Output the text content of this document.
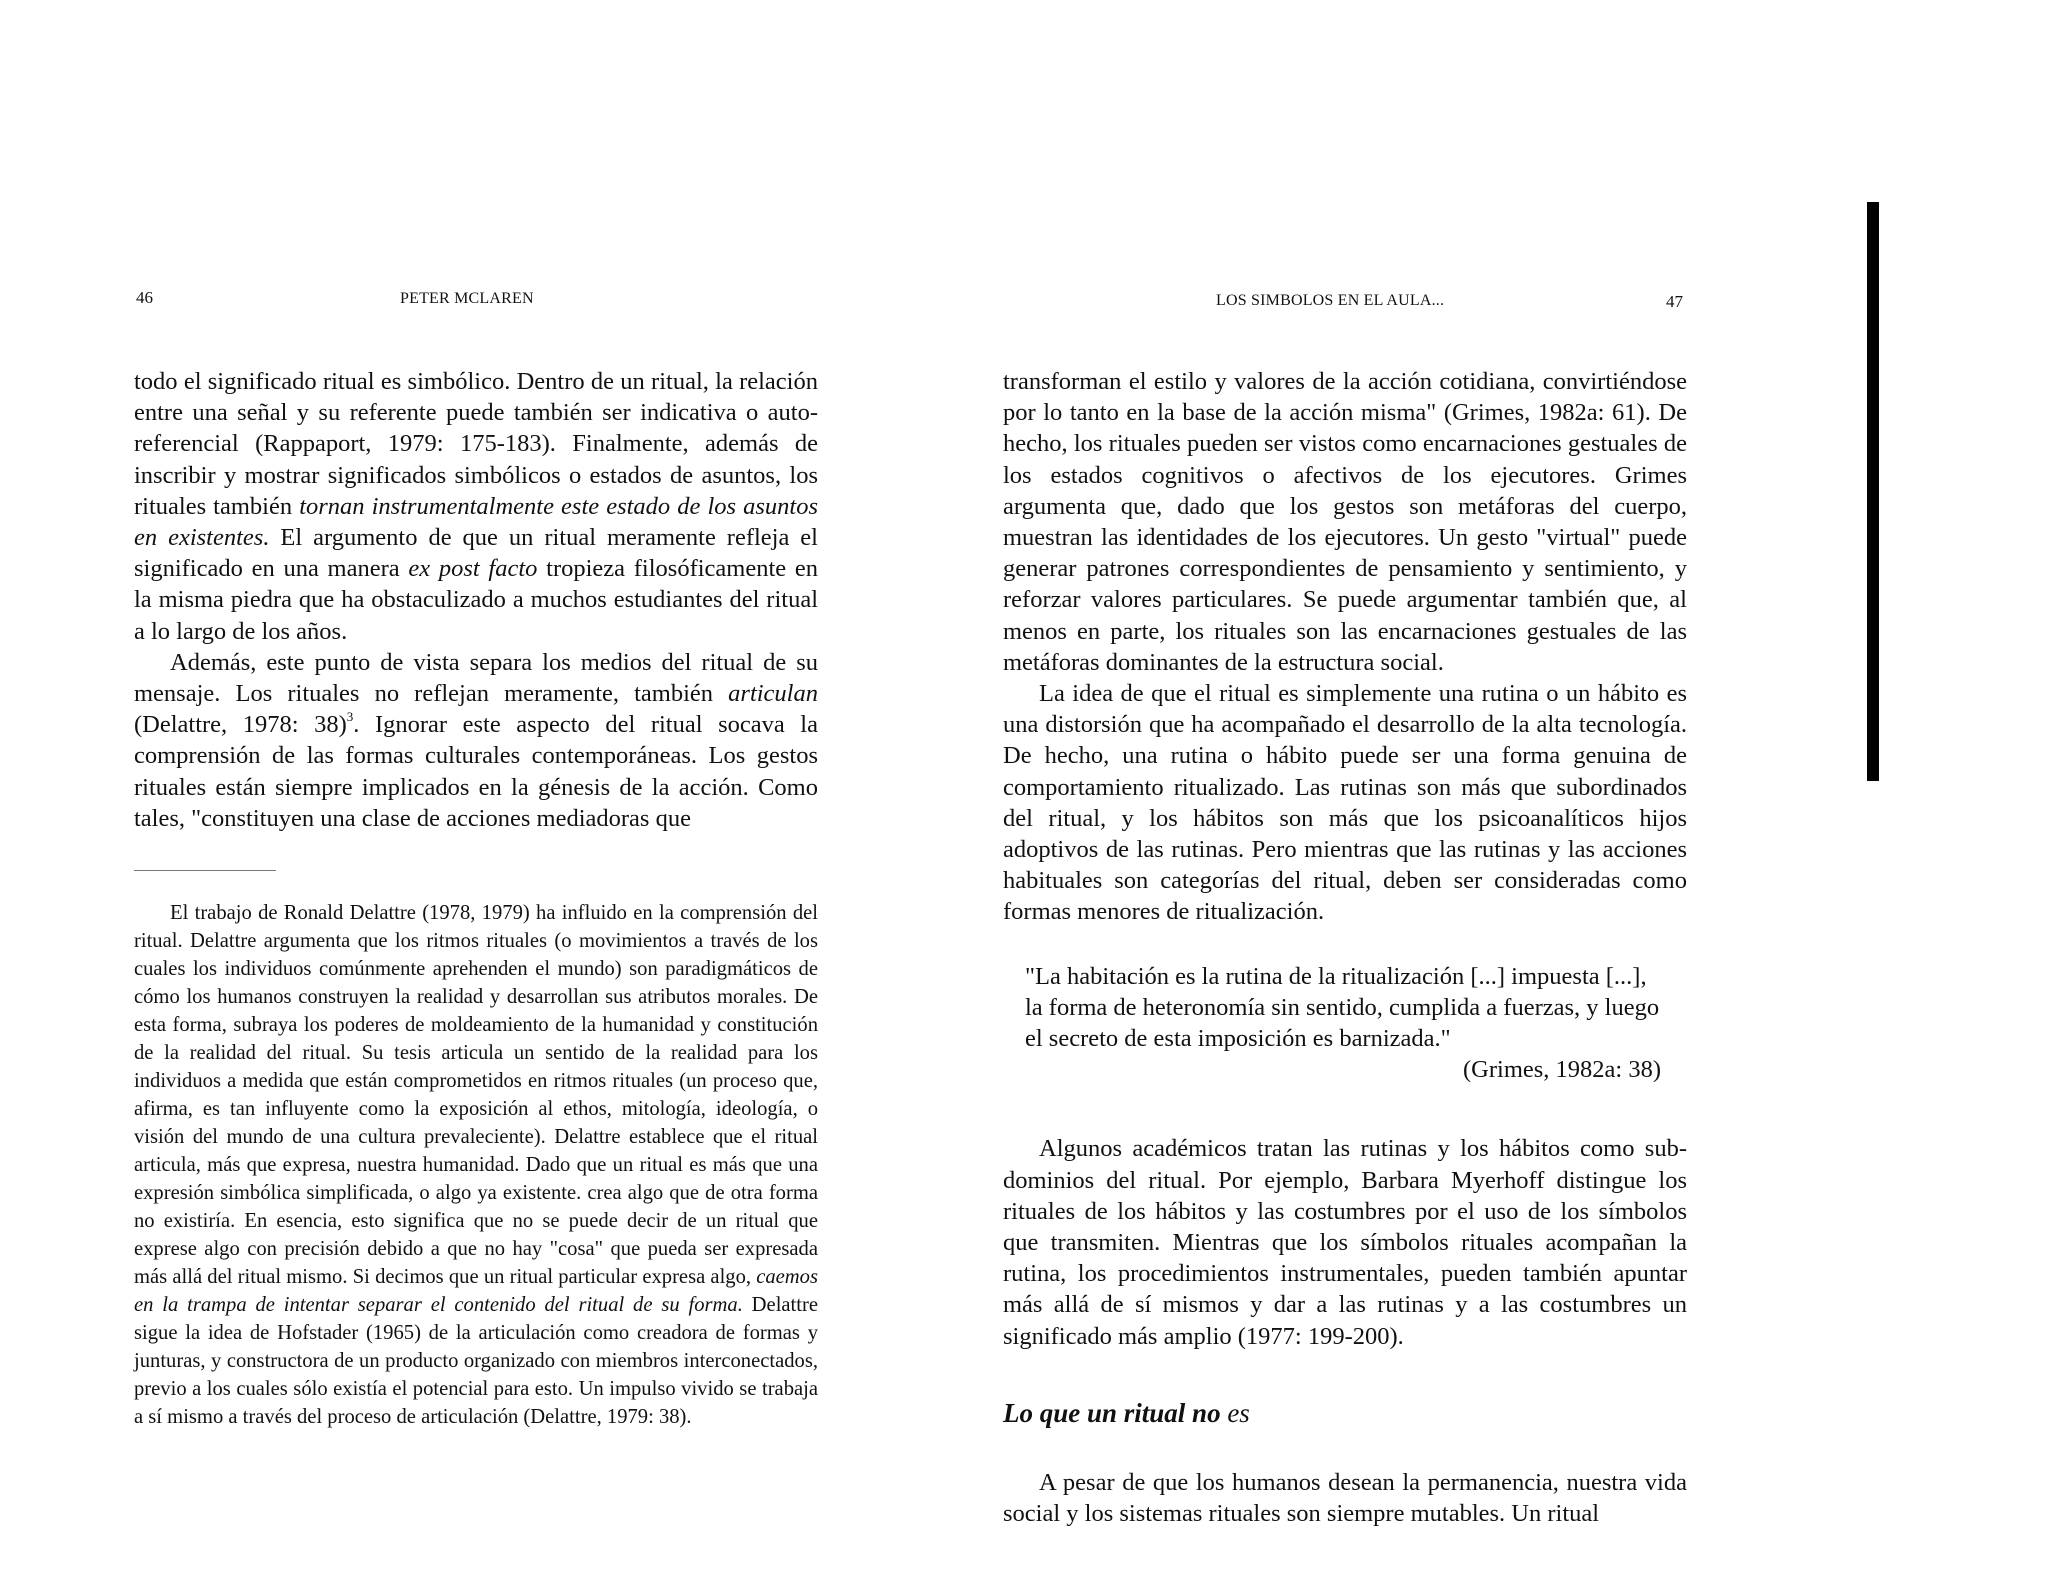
46	PETER MCLAREN

todo el significado ritual es simbólico. Dentro de un ritual, la relación entre una señal y su referente puede también ser indicativa o auto-referencial (Rappaport, 1979: 175-183). Finalmente, además de inscribir y mostrar significados simbólicos o estados de asuntos, los rituales también tornan instrumentalmente este estado de los asuntos en existentes. El argumento de que un ritual meramente refleja el significado en una manera ex post facto tropieza filosóficamente en la misma piedra que ha obstaculizado a muchos estudiantes del ritual a lo largo de los años.

Además, este punto de vista separa los medios del ritual de su mensaje. Los rituales no reflejan meramente, también articulan (Delattre, 1978: 38)$^3$. Ignorar este aspecto del ritual socava la comprensión de las formas culturales contemporáneas. Los gestos rituales están siempre implicados en la génesis de la acción. Como tales, "constituyen una clase de acciones mediadoras que

El trabajo de Ronald Delattre (1978, 1979) ha influido en la comprensión del ritual. Delattre argumenta que los ritmos rituales (o movimientos a través de los cuales los individuos comúnmente aprehenden el mundo) son paradigmáticos de cómo los humanos construyen la realidad y desarrollan sus atributos morales. De esta forma, subraya los poderes de moldeamiento de la humanidad y constitución de la realidad del ritual. Su tesis articula un sentido de la realidad para los individuos a medida que están comprometidos en ritmos rituales (un proceso que, afirma, es tan influyente como la exposición al ethos, mitología, ideología, o visión del mundo de una cultura prevaleciente). Delattre establece que el ritual articula, más que expresa, nuestra humanidad. Dado que un ritual es más que una expresión simbólica simplificada, o algo ya existente. crea algo que de otra forma no existiría. En esencia, esto significa que no se puede decir de un ritual que exprese algo con precisión debido a que no hay "cosa" que pueda ser expresada más allá del ritual mismo. Si decimos que un ritual particular expresa algo, caemos en la trampa de intentar separar el contenido del ritual de su forma. Delattre sigue la idea de Hofstader (1965) de la articulación como creadora de formas y junturas, y constructora de un producto organizado con miembros interconectados, previo a los cuales sólo existía el potencial para esto. Un impulso vivido se trabaja a sí mismo a través del proceso de articulación (Delattre, 1979: 38).

LOS SIMBOLOS EN EL AULA...	47

transforman el estilo y valores de la acción cotidiana, convirtiéndose por lo tanto en la base de la acción misma" (Grimes, 1982a: 61). De hecho, los rituales pueden ser vistos como encarnaciones gestuales de los estados cognitivos o afectivos de los ejecutores. Grimes argumenta que, dado que los gestos son metáforas del cuerpo, muestran las identidades de los ejecutores. Un gesto "virtual" puede generar patrones correspondientes de pensamiento y sentimiento, y reforzar valores particulares. Se puede argumentar también que, al menos en parte, los rituales son las encarnaciones gestuales de las metáforas dominantes de la estructura social.

La idea de que el ritual es simplemente una rutina o un hábito es una distorsión que ha acompañado el desarrollo de la alta tecnología. De hecho, una rutina o hábito puede ser una forma genuina de comportamiento ritualizado. Las rutinas son más que subordinados del ritual, y los hábitos son más que los psicoanalíticos hijos adoptivos de las rutinas. Pero mientras que las rutinas y las acciones habituales son categorías del ritual, deben ser consideradas como formas menores de ritualización.

"La habitación es la rutina de la ritualización [...] impuesta [...], la forma de heteronomía sin sentido, cumplida a fuerzas, y luego el secreto de esta imposición es barnizada."
(Grimes, 1982a: 38)

Algunos académicos tratan las rutinas y los hábitos como subdominios del ritual. Por ejemplo, Barbara Myerhoff distingue los rituales de los hábitos y las costumbres por el uso de los símbolos que transmiten. Mientras que los símbolos rituales acompañan la rutina, los procedimientos instrumentales, pueden también apuntar más allá de sí mismos y dar a las rutinas y a las costumbres un significado más amplio (1977: 199-200).

Lo que un ritual no es

A pesar de que los humanos desean la permanencia, nuestra vida social y los sistemas rituales son siempre mutables. Un ritual
